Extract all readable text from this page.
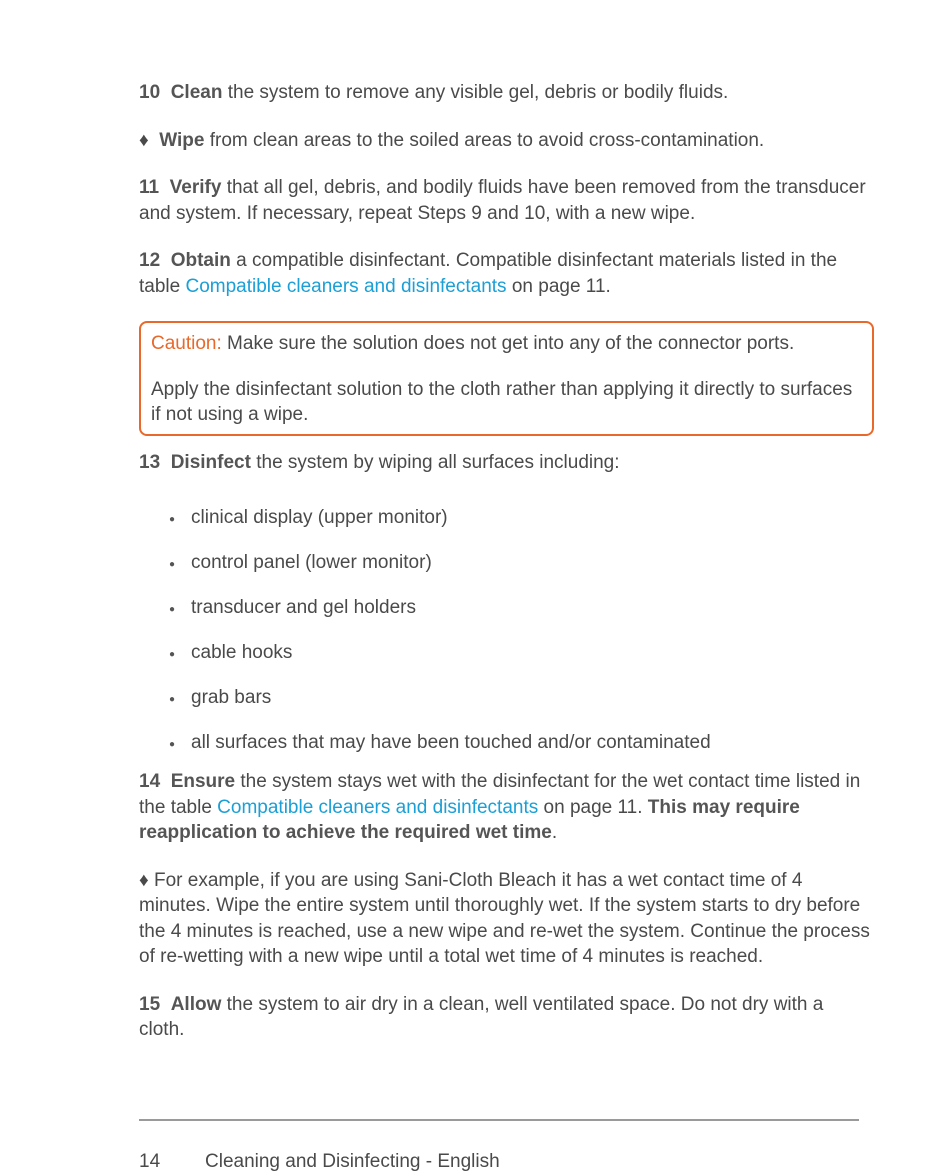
10 Clean the system to remove any visible gel, debris or bodily fluids.

♦ Wipe from clean areas to the soiled areas to avoid cross-contamination.

11 Verify that all gel, debris, and bodily fluids have been removed from the transducer and system. If necessary, repeat Steps 9 and 10, with a new wipe.

12 Obtain a compatible disinfectant. Compatible disinfectant materials listed in the table Compatible cleaners and disinfectants on page 11.

Caution: Make sure the solution does not get into any of the connector ports.

Apply the disinfectant solution to the cloth rather than applying it directly to surfaces if not using a wipe.

13 Disinfect the system by wiping all surfaces including:

● clinical display (upper monitor)
● control panel (lower monitor)
● transducer and gel holders
● cable hooks
● grab bars
● all surfaces that may have been touched and/or contaminated

14 Ensure the system stays wet with the disinfectant for the wet contact time listed in the table Compatible cleaners and disinfectants on page 11. This may require reapplication to achieve the required wet time.

♦ For example, if you are using Sani-Cloth Bleach it has a wet contact time of 4 minutes. Wipe the entire system until thoroughly wet. If the system starts to dry before the 4 minutes is reached, use a new wipe and re-wet the system. Continue the process of re-wetting with a new wipe until a total wet time of 4 minutes is reached.

15 Allow the system to air dry in a clean, well ventilated space. Do not dry with a cloth.

14 Cleaning and Disinfecting - English
